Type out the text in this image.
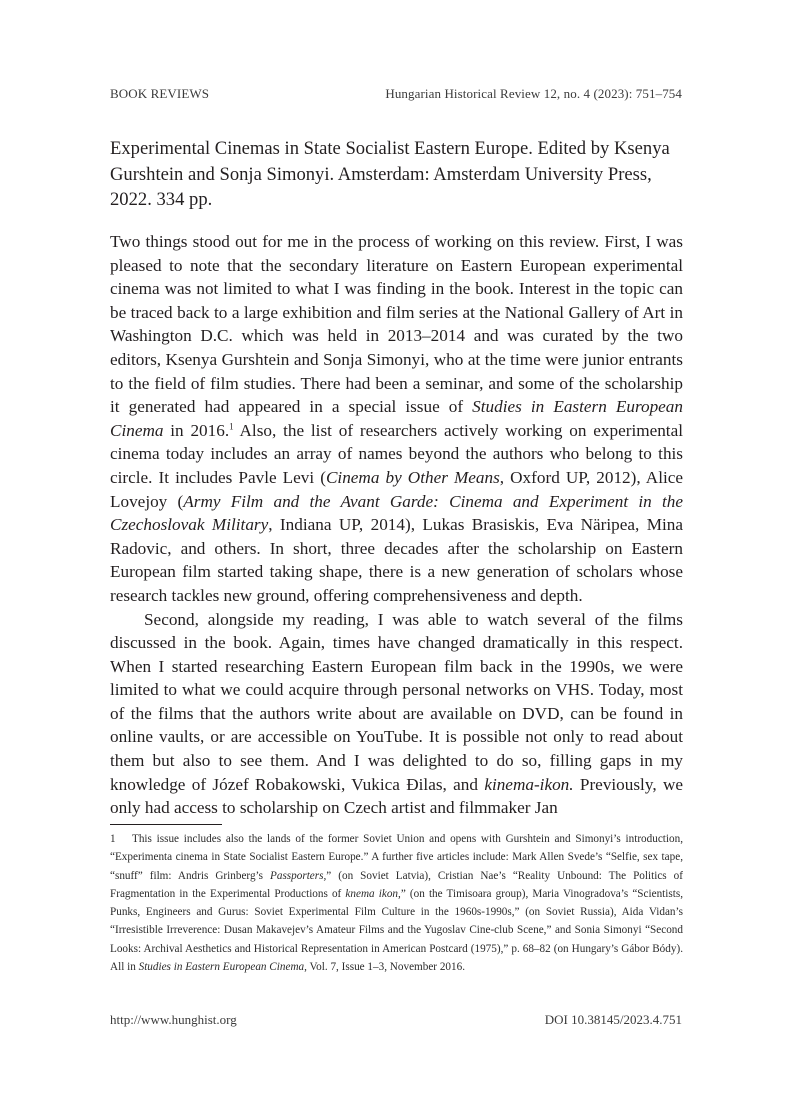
BOOK REVIEWS	Hungarian Historical Review 12, no. 4 (2023): 751–754
Experimental Cinemas in State Socialist Eastern Europe. Edited by Ksenya Gurshtein and Sonja Simonyi. Amsterdam: Amsterdam University Press, 2022. 334 pp.

Two things stood out for me in the process of working on this review. First, I was pleased to note that the secondary literature on Eastern European experimental cinema was not limited to what I was finding in the book. Interest in the topic can be traced back to a large exhibition and film series at the National Gallery of Art in Washington D.C. which was held in 2013–2014 and was curated by the two editors, Ksenya Gurshtein and Sonja Simonyi, who at the time were junior entrants to the field of film studies. There had been a seminar, and some of the scholarship it generated had appeared in a special issue of Studies in Eastern European Cinema in 2016.$^1$ Also, the list of researchers actively working on experimental cinema today includes an array of names beyond the authors who belong to this circle. It includes Pavle Levi (Cinema by Other Means, Oxford UP, 2012), Alice Lovejoy (Army Film and the Avant Garde: Cinema and Experiment in the Czechoslovak Military, Indiana UP, 2014), Lukas Brasiskis, Eva Näripea, Mina Radovic, and others. In short, three decades after the scholarship on Eastern European film started taking shape, there is a new generation of scholars whose research tackles new ground, offering comprehensiveness and depth.

Second, alongside my reading, I was able to watch several of the films discussed in the book. Again, times have changed dramatically in this respect. When I started researching Eastern European film back in the 1990s, we were limited to what we could acquire through personal networks on VHS. Today, most of the films that the authors write about are available on DVD, can be found in online vaults, or are accessible on YouTube. It is possible not only to read about them but also to see them. And I was delighted to do so, filling gaps in my knowledge of Józef Robakowski, Vukica Đilas, and kinema-ikon. Previously, we only had access to scholarship on Czech artist and filmmaker Jan

1 This issue includes also the lands of the former Soviet Union and opens with Gurshtein and Simonyi’s introduction, “Experimenta cinema in State Socialist Eastern Europe.” A further five articles include: Mark Allen Svede’s “Selfie, sex tape, “snuff” film: Andris Grinberg’s Passporters,” (on Soviet Latvia), Cristian Nae’s “Reality Unbound: The Politics of Fragmentation in the Experimental Productions of knema ikon,” (on the Timisoara group), Maria Vinogradova’s “Scientists, Punks, Engineers and Gurus: Soviet Experimental Film Culture in the 1960s-1990s,” (on Soviet Russia), Aida Vidan’s “Irresistible Irreverence: Dusan Makavejev’s Amateur Films and the Yugoslav Cine-club Scene,” and Sonia Simonyi “Second Looks: Archival Aesthetics and Historical Representation in American Postcard (1975),” p. 68–82 (on Hungary’s Gábor Bódy). All in Studies in Eastern European Cinema, Vol. 7, Issue 1–3, November 2016.
http://www.hunghist.org	DOI 10.38145/2023.4.751
